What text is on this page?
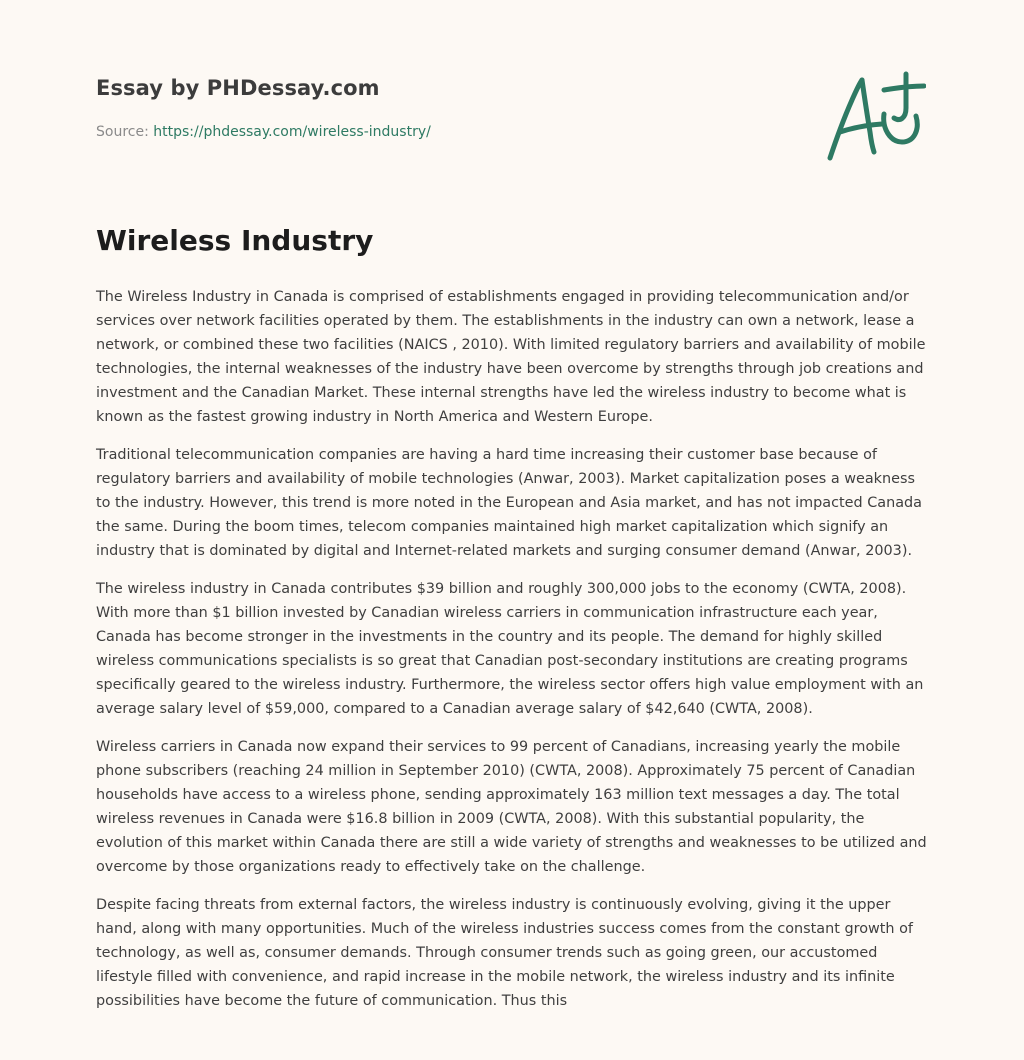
Essay by PHDessay.com
Source: https://phdessay.com/wireless-industry/
Wireless Industry

The Wireless Industry in Canada is comprised of establishments engaged in providing telecommunication and/or services over network facilities operated by them. The establishments in the industry can own a network, lease a network, or combined these two facilities (NAICS , 2010). With limited regulatory barriers and availability of mobile technologies, the internal weaknesses of the industry have been overcome by strengths through job creations and investment and the Canadian Market. These internal strengths have led the wireless industry to become what is known as the fastest growing industry in North America and Western Europe.

Traditional telecommunication companies are having a hard time increasing their customer base because of regulatory barriers and availability of mobile technologies (Anwar, 2003). Market capitalization poses a weakness to the industry. However, this trend is more noted in the European and Asia market, and has not impacted Canada the same. During the boom times, telecom companies maintained high market capitalization which signify an industry that is dominated by digital and Internet-related markets and surging consumer demand (Anwar, 2003).

The wireless industry in Canada contributes $39 billion and roughly 300,000 jobs to the economy (CWTA, 2008). With more than $1 billion invested by Canadian wireless carriers in communication infrastructure each year, Canada has become stronger in the investments in the country and its people. The demand for highly skilled wireless communications specialists is so great that Canadian post-secondary institutions are creating programs specifically geared to the wireless industry. Furthermore, the wireless sector offers high value employment with an average salary level of $59,000, compared to a Canadian average salary of $42,640 (CWTA, 2008).

Wireless carriers in Canada now expand their services to 99 percent of Canadians, increasing yearly the mobile phone subscribers (reaching 24 million in September 2010) (CWTA, 2008). Approximately 75 percent of Canadian households have access to a wireless phone, sending approximately 163 million text messages a day. The total wireless revenues in Canada were $16.8 billion in 2009 (CWTA, 2008). With this substantial popularity, the evolution of this market within Canada there are still a wide variety of strengths and weaknesses to be utilized and overcome by those organizations ready to effectively take on the challenge.

Despite facing threats from external factors, the wireless industry is continuously evolving, giving it the upper hand, along with many opportunities. Much of the wireless industries success comes from the constant growth of technology, as well as, consumer demands. Through consumer trends such as going green, our accustomed lifestyle filled with convenience, and rapid increase in the mobile network, the wireless industry and its infinite possibilities have become the future of communication. Thus this
